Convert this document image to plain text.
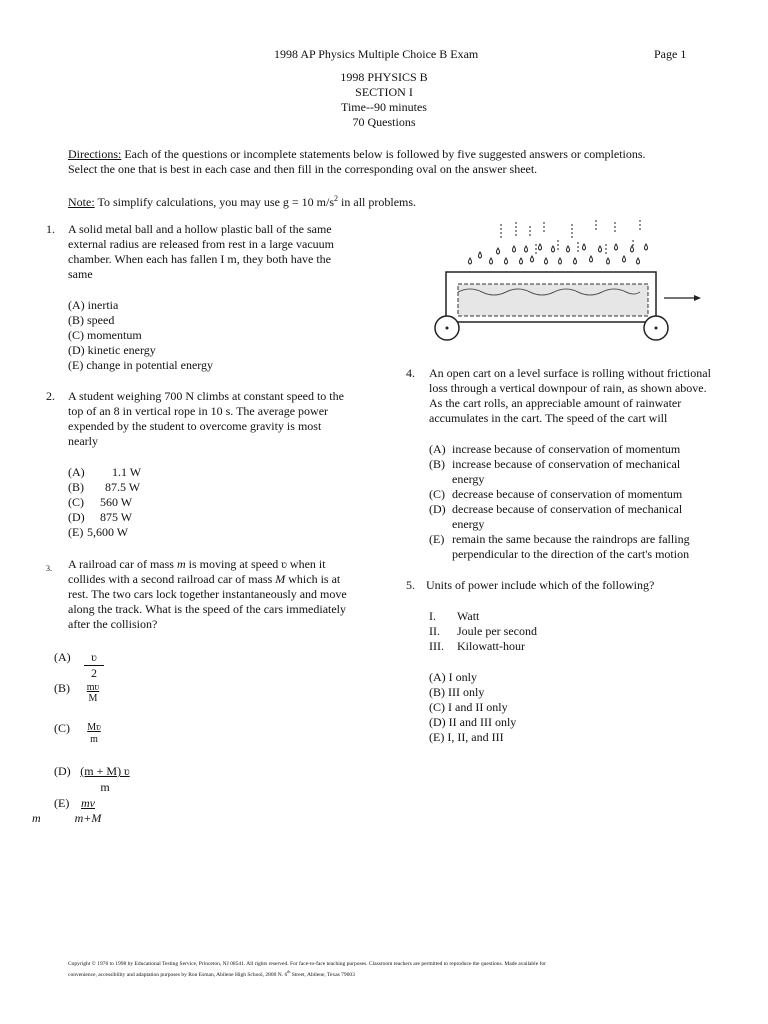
1998 AP Physics Multiple Choice B Exam	Page 1
1998 PHYSICS B
SECTION I
Time--90 minutes
70 Questions
Directions: Each of the questions or incomplete statements below is followed by five suggested answers or completions.
Select the one that is best in each case and then fill in the corresponding oval on the answer sheet.
Note: To simplify calculations, you may use g = 10 $m/s^2$ in all problems.
1. A solid metal ball and a hollow plastic ball of the same
external radius are released from rest in a large vacuum
chamber. When each has fallen I m, they both have the
same
(A) inertia
(B) speed
(C) momentum
(D) kinetic energy
(E) change in potential energy
2. A student weighing 700 N climbs at constant speed to the
top of an 8 in vertical rope in 10 s. The average power
expended by the student to overcome gravity is most
nearly
(A) 1.1 W
(B) 87.5 W
(C) 560 W
(D) 875 W
(E) 5,600 W
3. A railroad car of mass m is moving at speed ʋ when it
collides with a second railroad car of mass M which is at
rest. The two cars lock together instantaneously and move
along the track. What is the speed of the cars immediately
after the collision?
$(A) \frac{\text{ʋ}}{2}$
$(B) \frac{\text{mʋ}}{M}$
$(C) \frac{\text{Mʋ}}{m}$
$(D) \frac{\text{(m + M) ʋ}}{m}$
$(E) \frac{mv}{m+M}$
m
4. An open cart on a level surface is rolling without frictional
loss through a vertical downpour of rain, as shown above.
As the cart rolls, an appreciable amount of rainwater
accumulates in the cart. The speed of the cart will
(A) increase because of conservation of momentum
(B) increase because of conservation of mechanical
energy
(C) decrease because of conservation of momentum
(D) decrease because of conservation of mechanical
energy
(E) remain the same because the raindrops are falling
perpendicular to the direction of the cart's motion
5. Units of power include which of the following?
I. Watt
II. Joule per second
III. Kilowatt-hour
(A) I only
(B) III only
(C) I and II only
(D) II and III only
(E) I, II, and III
Copyright © 1976 to 1998 by Educational Testing Service, Princeton, NJ 08541. All rights reserved. For face-to-face teaching purposes. Classroom teachers are permitted to reproduce the questions. Made available for
convenience, accessibility and adaptation purposes by Ron Esman, Abilene High School, 2800 N. 6th Street, Abilene, Texas 79603
